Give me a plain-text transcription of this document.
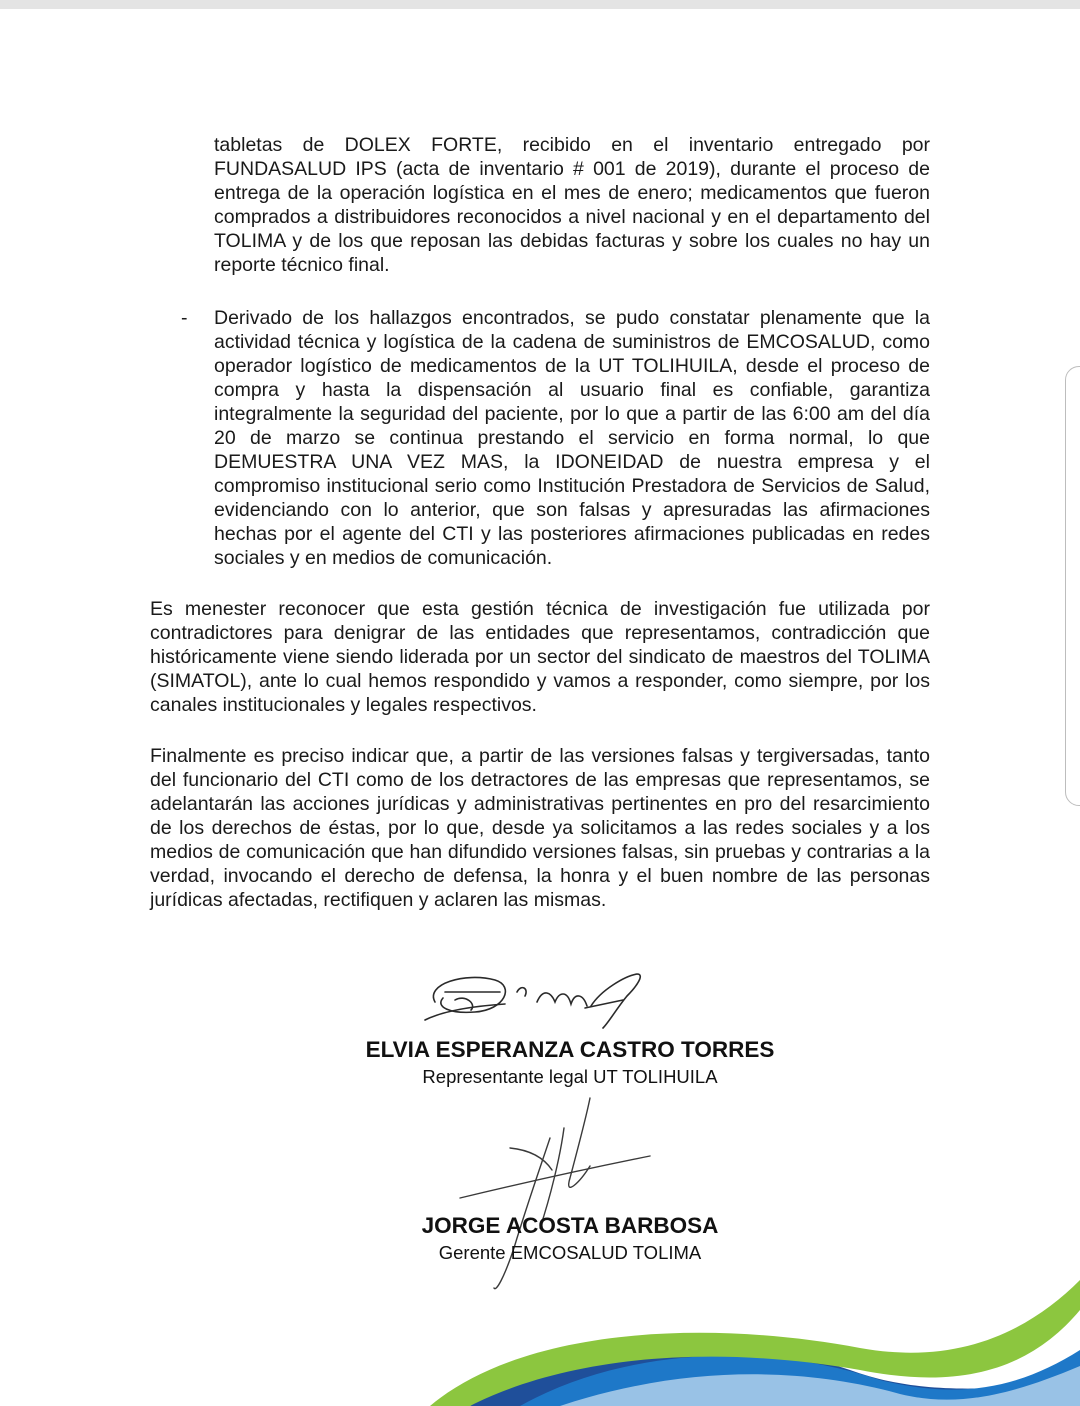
tabletas de DOLEX FORTE, recibido en el inventario entregado por FUNDASALUD IPS (acta de inventario # 001 de 2019), durante el proceso de entrega de la operación logística en el mes de enero; medicamentos que fueron comprados a distribuidores reconocidos a nivel nacional y en el departamento del TOLIMA y de los que reposan las debidas facturas y sobre los cuales no hay un reporte técnico final.

- Derivado de los hallazgos encontrados, se pudo constatar plenamente que la actividad técnica y logística de la cadena de suministros de EMCOSALUD, como operador logístico de medicamentos de la UT TOLIHUILA, desde el proceso de compra y hasta la dispensación al usuario final es confiable, garantiza integralmente la seguridad del paciente, por lo que a partir de las 6:00 am del día 20 de marzo se continua prestando el servicio en forma normal, lo que DEMUESTRA UNA VEZ MAS, la IDONEIDAD de nuestra empresa y el compromiso institucional serio como Institución Prestadora de Servicios de Salud, evidenciando con lo anterior, que son falsas y apresuradas las afirmaciones hechas por el agente del CTI y las posteriores afirmaciones publicadas en redes sociales y en medios de comunicación.

Es menester reconocer que esta gestión técnica de investigación fue utilizada por contradictores para denigrar de las entidades que representamos, contradicción que históricamente viene siendo liderada por un sector del sindicato de maestros del TOLIMA (SIMATOL), ante lo cual hemos respondido y vamos a responder, como siempre, por los canales institucionales y legales respectivos.

Finalmente es preciso indicar que, a partir de las versiones falsas y tergiversadas, tanto del funcionario del CTI como de los detractores de las empresas que representamos, se adelantarán las acciones jurídicas y administrativas pertinentes en pro del resarcimiento de los derechos de éstas, por lo que, desde ya solicitamos a las redes sociales y a los medios de comunicación que han difundido versiones falsas, sin pruebas y contrarias a la verdad, invocando el derecho de defensa, la honra y el buen nombre de las personas jurídicas afectadas, rectifiquen y aclaren las mismas.

ELVIA ESPERANZA CASTRO TORRES

Representante legal UT TOLIHUILA

JORGE ACOSTA BARBOSA

Gerente EMCOSALUD TOLIMA
